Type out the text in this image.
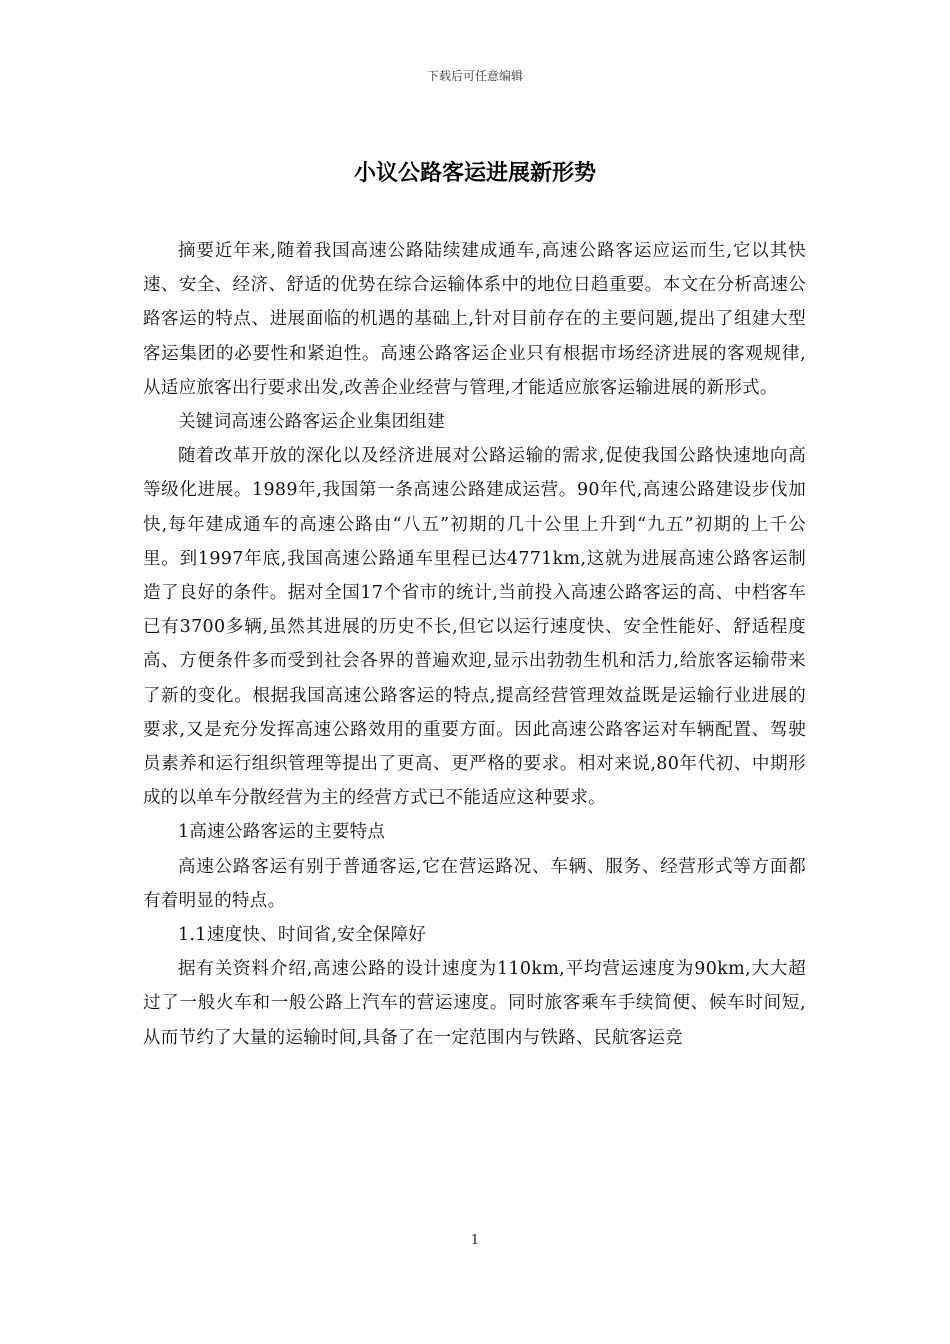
下载后可任意编辑
小议公路客运进展新形势

摘要近年来,随着我国高速公路陆续建成通车,高速公路客运应运而生,它以其快速、安全、经济、舒适的优势在综合运输体系中的地位日趋重要。本文在分析高速公路客运的特点、进展面临的机遇的基础上,针对目前存在的主要问题,提出了组建大型客运集团的必要性和紧迫性。高速公路客运企业只有根据市场经济进展的客观规律,从适应旅客出行要求出发,改善企业经营与管理,才能适应旅客运输进展的新形式。

关键词高速公路客运企业集团组建

随着改革开放的深化以及经济进展对公路运输的需求,促使我国公路快速地向高等级化进展。1989年,我国第一条高速公路建成运营。90年代,高速公路建设步伐加快,每年建成通车的高速公路由“八五”初期的几十公里上升到“九五”初期的上千公里。到1997年底,我国高速公路通车里程已达4771km,这就为进展高速公路客运制造了良好的条件。据对全国17个省市的统计,当前投入高速公路客运的高、中档客车已有3700多辆,虽然其进展的历史不长,但它以运行速度快、安全性能好、舒适程度高、方便条件多而受到社会各界的普遍欢迎,显示出勃勃生机和活力,给旅客运输带来了新的变化。根据我国高速公路客运的特点,提高经营管理效益既是运输行业进展的要求,又是充分发挥高速公路效用的重要方面。因此高速公路客运对车辆配置、驾驶员素养和运行组织管理等提出了更高、更严格的要求。相对来说,80年代初、中期形成的以单车分散经营为主的经营方式已不能适应这种要求。

1高速公路客运的主要特点

高速公路客运有别于普通客运,它在营运路况、车辆、服务、经营形式等方面都有着明显的特点。

1.1速度快、时间省,安全保障好

据有关资料介绍,高速公路的设计速度为110km,平均营运速度为90km,大大超过了一般火车和一般公路上汽车的营运速度。同时旅客乘车手续简便、候车时间短,从而节约了大量的运输时间,具备了在一定范围内与铁路、民航客运竞

1
